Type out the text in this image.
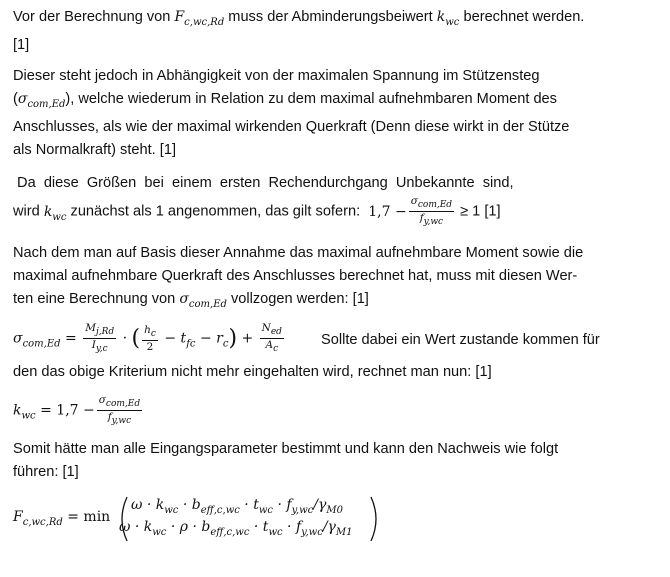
Vor der Berechnung von $F_{c,wc,Rd}$ muss der Abminderungsbeiwert $k_{wc}$ berechnet werden.
[1]
Dieser steht jedoch in Abhängigkeit von der maximalen Spannung im Stützensteg
$(\sigma_{com,Ed})$, welche wiederum in Relation zu dem maximal aufnehmbaren Moment des
Anschlusses, als wie der maximal wirkenden Querkraft (Denn diese wirkt in der Stütze
als Normalkraft) steht. [1]
Da  diese  Größen  bei  einem  ersten  Rechendurchgang  Unbekannte  sind,
wird $k_{wc}$ zunächst als 1 angenommen, das gilt sofern:  $1,7 - \frac{\text{σcom,Ed}}{fy,wc} \ge 1$ [1]
Nach dem man auf Basis dieser Annahme das maximal aufnehmbare Moment sowie die
maximal aufnehmbare Querkraft des Anschlusses berechnet hat, muss mit diesen Wer-
ten eine Berechnung von $\sigma_{com,Ed}$ vollzogen werden: [1]
$\sigma_{com,Ed} = \frac{Mj,Rd}{Iy,c}$ · ( $\frac{hc}{2} - t_{fc} - r_c) + \frac{\text{Ned}}{Ac}$	Sollte dabei ein Wert zustande kommen für
den das obige Kriterium nicht mehr eingehalten wird, rechnet man nun: [1]
$k_{wc} = 1,7 - \frac{\text{σcom,Ed}}{fy,wc}$
Somit hätte man alle Eingangsparameter bestimmt und kann den Nachweis wie folgt
führen: [1]
$F_{c,wc,Rd} = \min$
$\omega \cdot k_{wc} \cdot b_{eff,c,wc} \cdot t_{wc} \cdot f_{y,wc}/\gamma_{M0}$
$\omega \cdot k_{wc} \cdot \rho \cdot b_{eff,c,wc} \cdot t_{wc} \cdot f_{y,wc}/\gamma_{M1}$
